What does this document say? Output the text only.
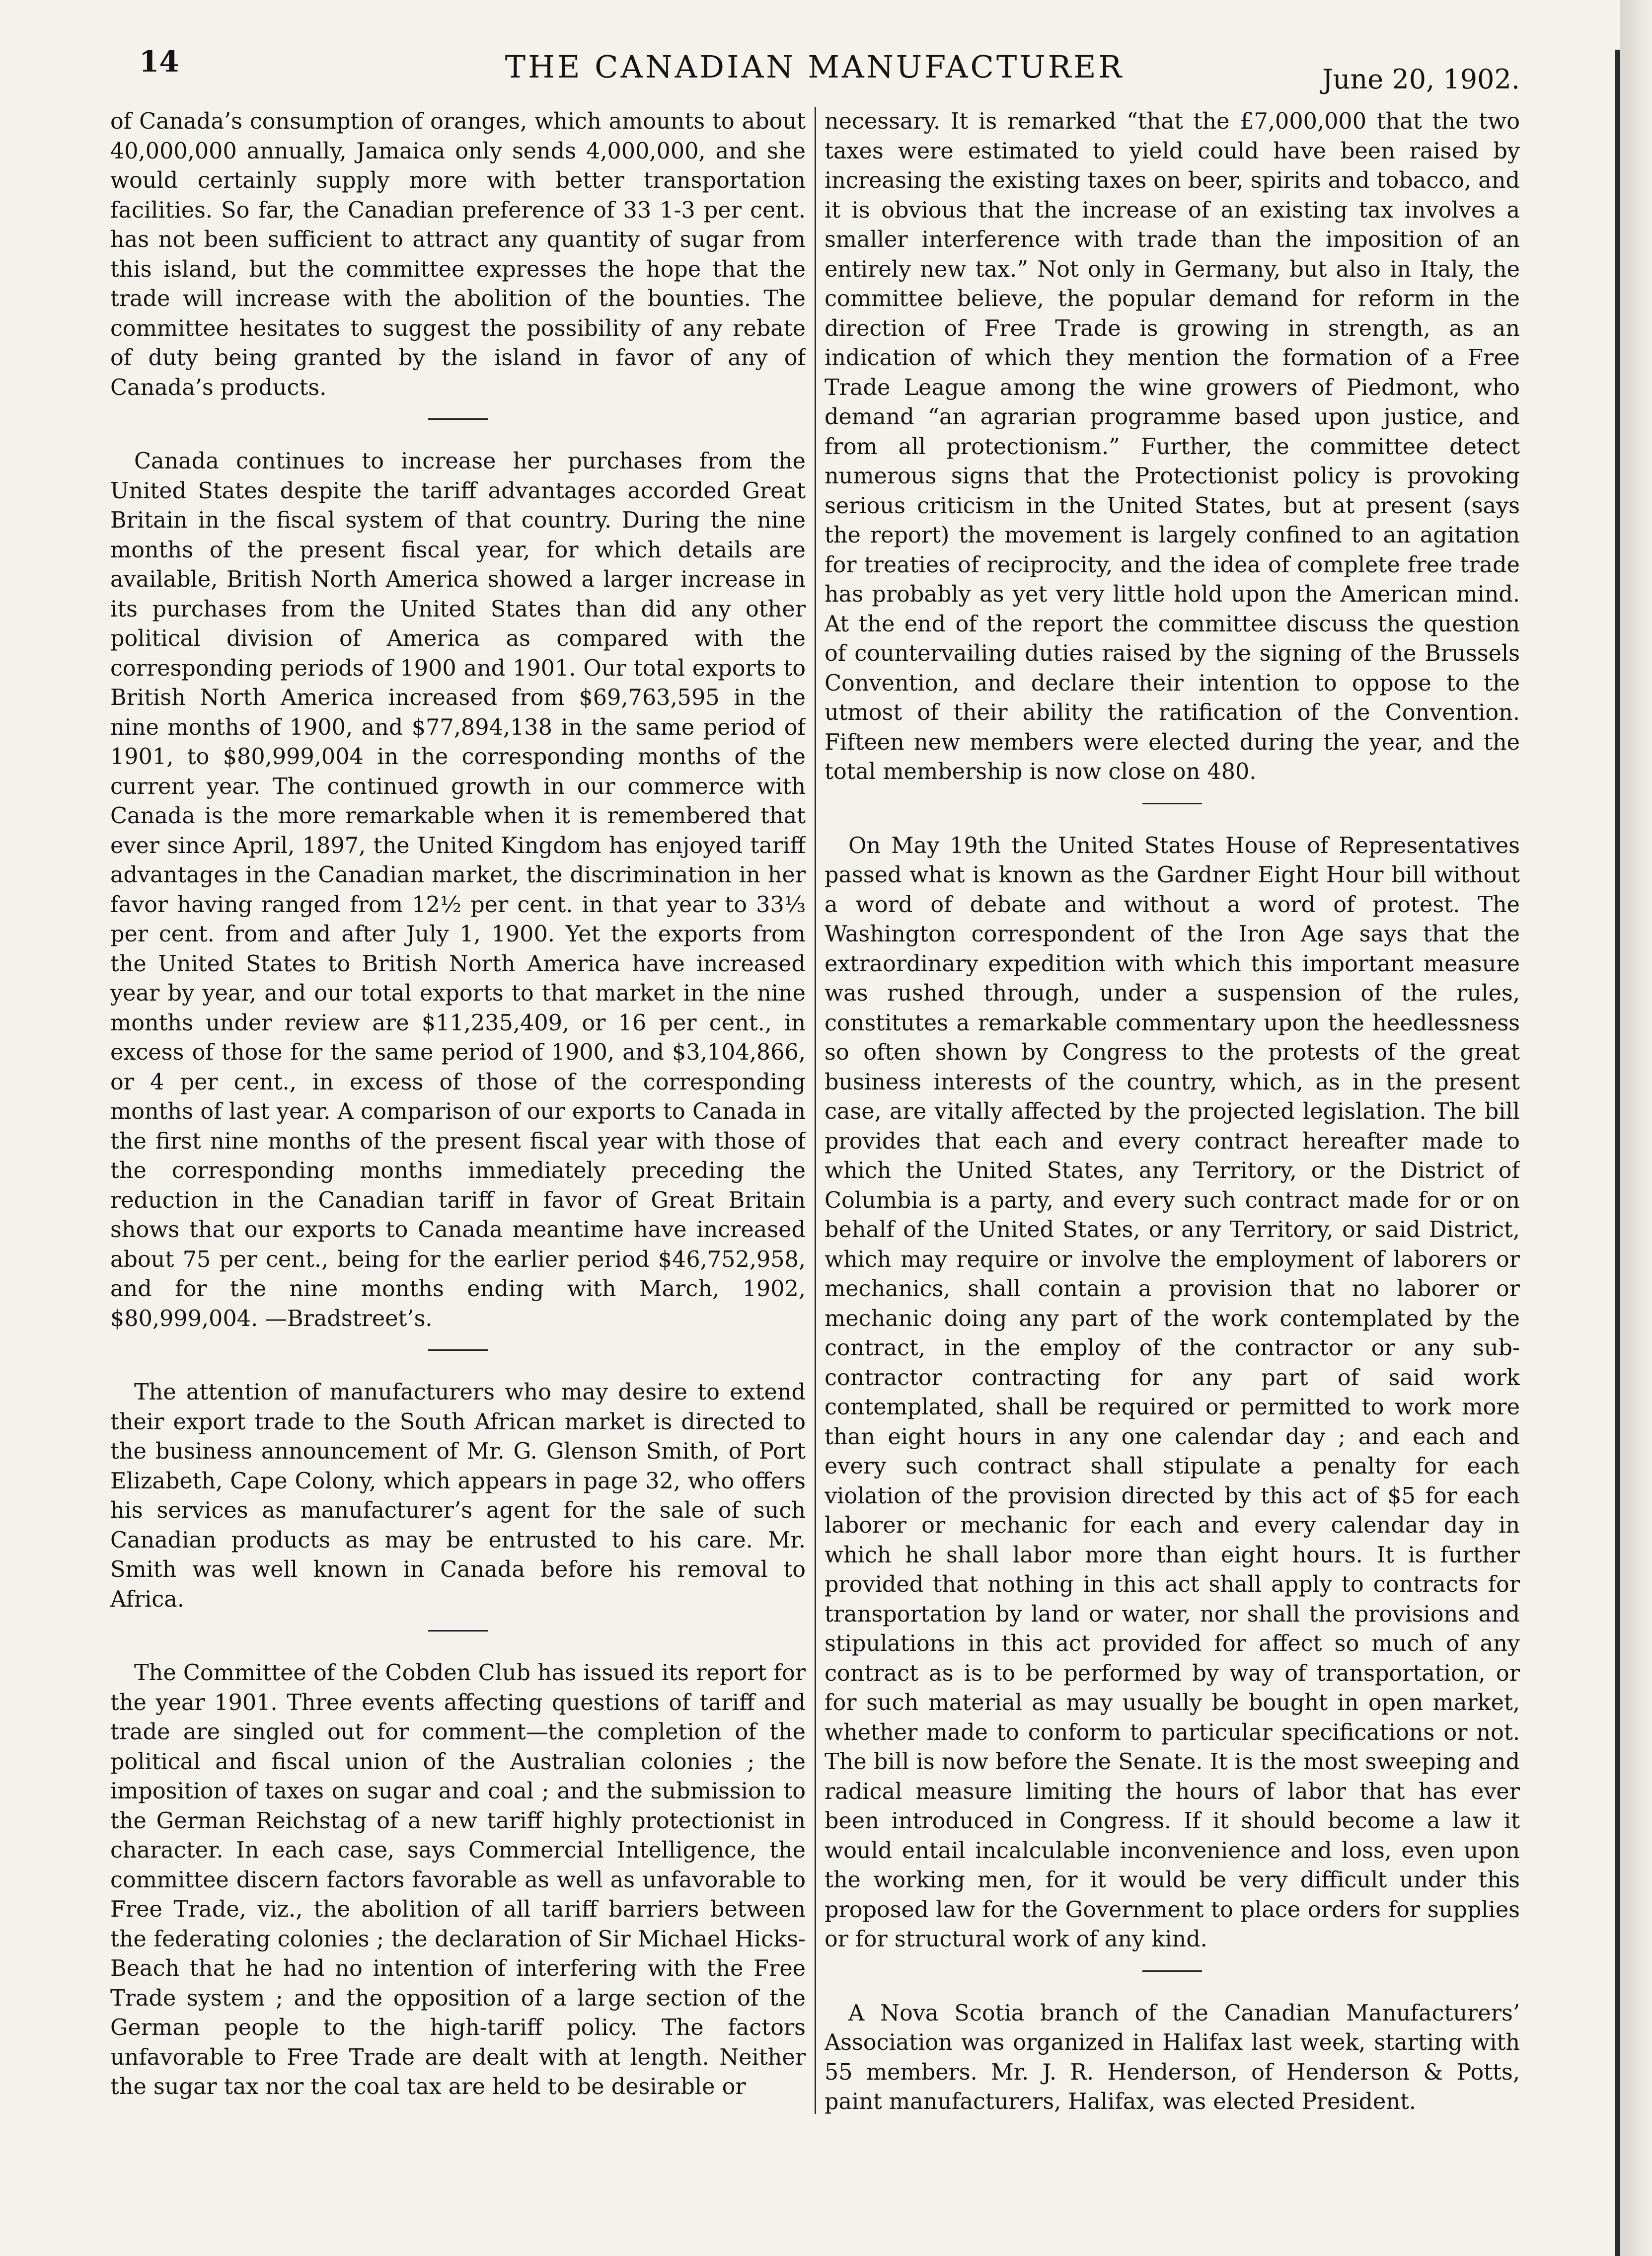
14	THE CANADIAN MANUFACTURER	June 20, 1902.

of Canada’s consumption of oranges, which amounts to about 40,000,000 annually, Jamaica only sends 4,000,000, and she would certainly supply more with better transportation facilities. So far, the Canadian preference of 33 1-3 per cent. has not been sufficient to attract any quantity of sugar from this island, but the committee expresses the hope that the trade will increase with the abolition of the bounties. The committee hesitates to suggest the possibility of any rebate of duty being granted by the island in favor of any of Canada’s products.

Canada continues to increase her purchases from the United States despite the tariff advantages accorded Great Britain in the fiscal system of that country. During the nine months of the present fiscal year, for which details are available, British North America showed a larger increase in its purchases from the United States than did any other political division of America as compared with the corresponding periods of 1900 and 1901. Our total exports to British North America increased from $69,763,595 in the nine months of 1900, and $77,894,138 in the same period of 1901, to $80,999,004 in the corresponding months of the current year. The continued growth in our commerce with Canada is the more remarkable when it is remembered that ever since April, 1897, the United Kingdom has enjoyed tariff advantages in the Canadian market, the discrimination in her favor having ranged from 12½ per cent. in that year to 33⅓ per cent. from and after July 1, 1900. Yet the exports from the United States to British North America have increased year by year, and our total exports to that market in the nine months under review are $11,235,409, or 16 per cent., in excess of those for the same period of 1900, and $3,104,866, or 4 per cent., in excess of those of the corresponding months of last year. A comparison of our exports to Canada in the first nine months of the present fiscal year with those of the corresponding months immediately preceding the reduction in the Canadian tariff in favor of Great Britain shows that our exports to Canada meantime have increased about 75 per cent., being for the earlier period $46,752,958, and for the nine months ending with March, 1902, $80,999,004. —Bradstreet’s.

The attention of manufacturers who may desire to extend their export trade to the South African market is directed to the business announcement of Mr. G. Glenson Smith, of Port Elizabeth, Cape Colony, which appears in page 32, who offers his services as manufacturer’s agent for the sale of such Canadian products as may be entrusted to his care. Mr. Smith was well known in Canada before his removal to Africa.

The Committee of the Cobden Club has issued its report for the year 1901. Three events affecting questions of tariff and trade are singled out for comment—the completion of the political and fiscal union of the Australian colonies ; the imposition of taxes on sugar and coal ; and the submission to the German Reichstag of a new tariff highly protectionist in character. In each case, says Commercial Intelligence, the committee discern factors favorable as well as unfavorable to Free Trade, viz., the abolition of all tariff barriers between the federating colonies ; the declaration of Sir Michael Hicks-Beach that he had no intention of interfering with the Free Trade system ; and the opposition of a large section of the German people to the high-tariff policy. The factors unfavorable to Free Trade are dealt with at length. Neither the sugar tax nor the coal tax are held to be desirable or

necessary. It is remarked “that the £7,000,000 that the two taxes were estimated to yield could have been raised by increasing the existing taxes on beer, spirits and tobacco, and it is obvious that the increase of an existing tax involves a smaller interference with trade than the imposition of an entirely new tax.” Not only in Germany, but also in Italy, the committee believe, the popular demand for reform in the direction of Free Trade is growing in strength, as an indication of which they mention the formation of a Free Trade League among the wine growers of Piedmont, who demand “an agrarian programme based upon justice, and from all protectionism.” Further, the committee detect numerous signs that the Protectionist policy is provoking serious criticism in the United States, but at present (says the report) the movement is largely confined to an agitation for treaties of reciprocity, and the idea of complete free trade has probably as yet very little hold upon the American mind. At the end of the report the committee discuss the question of countervailing duties raised by the signing of the Brussels Convention, and declare their intention to oppose to the utmost of their ability the ratification of the Convention. Fifteen new members were elected during the year, and the total membership is now close on 480.

On May 19th the United States House of Representatives passed what is known as the Gardner Eight Hour bill without a word of debate and without a word of protest. The Washington correspondent of the Iron Age says that the extraordinary expedition with which this important measure was rushed through, under a suspension of the rules, constitutes a remarkable commentary upon the heedlessness so often shown by Congress to the protests of the great business interests of the country, which, as in the present case, are vitally affected by the projected legislation. The bill provides that each and every contract hereafter made to which the United States, any Territory, or the District of Columbia is a party, and every such contract made for or on behalf of the United States, or any Territory, or said District, which may require or involve the employment of laborers or mechanics, shall contain a provision that no laborer or mechanic doing any part of the work contemplated by the contract, in the employ of the contractor or any sub-contractor contracting for any part of said work contemplated, shall be required or permitted to work more than eight hours in any one calendar day ; and each and every such contract shall stipulate a penalty for each violation of the provision directed by this act of $5 for each laborer or mechanic for each and every calendar day in which he shall labor more than eight hours. It is further provided that nothing in this act shall apply to contracts for transportation by land or water, nor shall the provisions and stipulations in this act provided for affect so much of any contract as is to be performed by way of transportation, or for such material as may usually be bought in open market, whether made to conform to particular specifications or not. The bill is now before the Senate. It is the most sweeping and radical measure limiting the hours of labor that has ever been introduced in Congress. If it should become a law it would entail incalculable inconvenience and loss, even upon the working men, for it would be very difficult under this proposed law for the Government to place orders for supplies or for structural work of any kind.

A Nova Scotia branch of the Canadian Manufacturers’ Association was organized in Halifax last week, starting with 55 members. Mr. J. R. Henderson, of Henderson & Potts, paint manufacturers, Halifax, was elected President.
